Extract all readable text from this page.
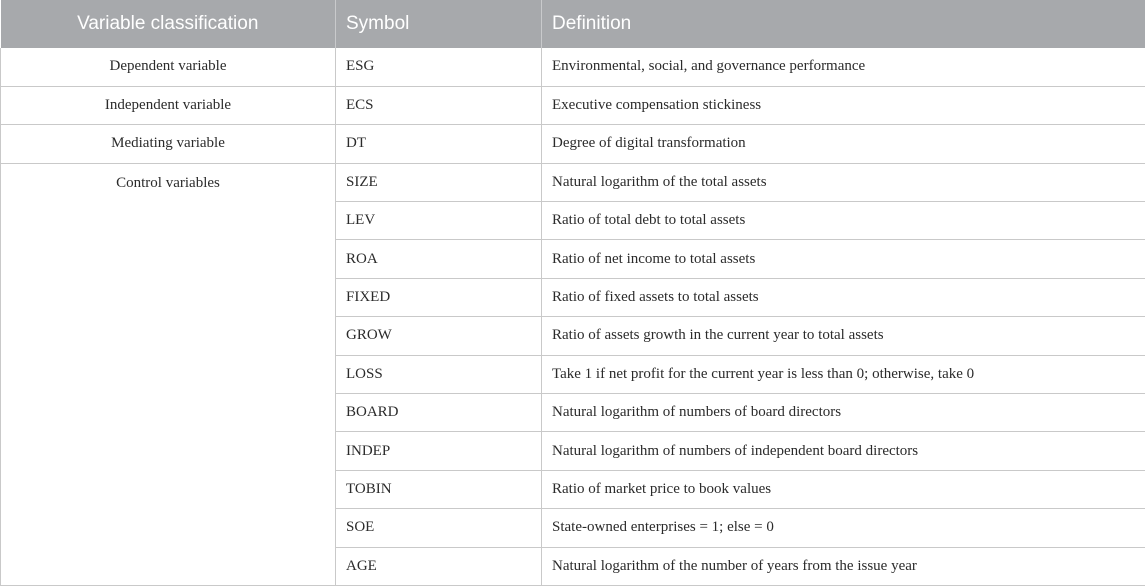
Variable classification	Symbol	Definition
Dependent variable	ESG	Environmental, social, and governance performance
Independent variable	ECS	Executive compensation stickiness
Mediating variable	DT	Degree of digital transformation
Control variables	SIZE	Natural logarithm of the total assets
	LEV	Ratio of total debt to total assets
	ROA	Ratio of net income to total assets
	FIXED	Ratio of fixed assets to total assets
	GROW	Ratio of assets growth in the current year to total assets
	LOSS	Take 1 if net profit for the current year is less than 0; otherwise, take 0
	BOARD	Natural logarithm of numbers of board directors
	INDEP	Natural logarithm of numbers of independent board directors
	TOBIN	Ratio of market price to book values
	SOE	State-owned enterprises = 1; else = 0
	AGE	Natural logarithm of the number of years from the issue year
